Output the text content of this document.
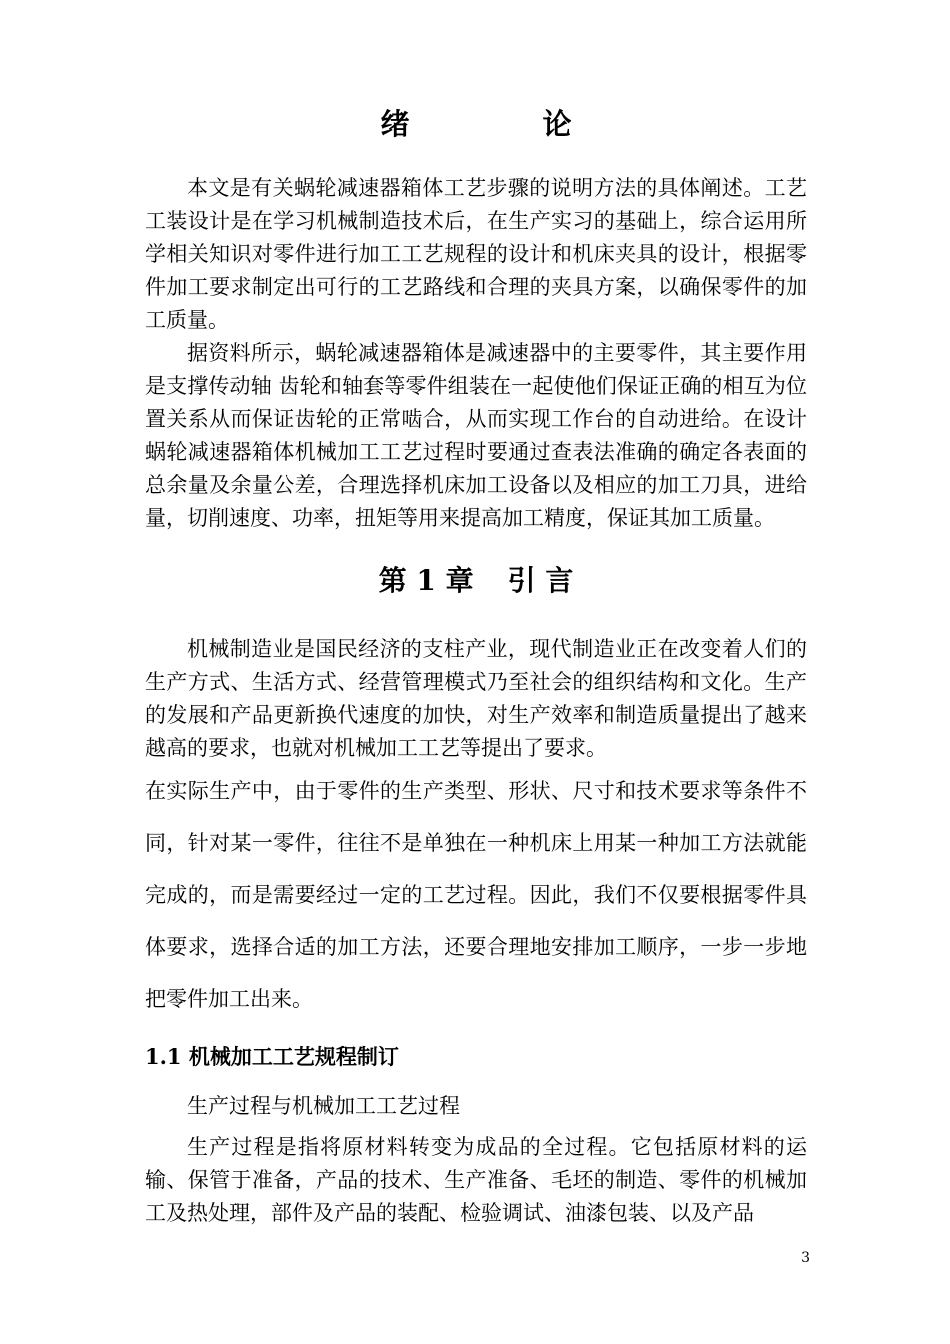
绪　论

本文是有关蜗轮减速器箱体工艺步骤的说明方法的具体阐述。工艺工装设计是在学习机械制造技术后，在生产实习的基础上，综合运用所学相关知识对零件进行加工工艺规程的设计和机床夹具的设计，根据零件加工要求制定出可行的工艺路线和合理的夹具方案，以确保零件的加工质量。

据资料所示，蜗轮减速器箱体是减速器中的主要零件，其主要作用是支撑传动轴 齿轮和轴套等零件组装在一起使他们保证正确的相互为位置关系从而保证齿轮的正常啮合，从而实现工作台的自动进给。在设计蜗轮减速器箱体机械加工工艺过程时要通过查表法准确的确定各表面的总余量及余量公差，合理选择机床加工设备以及相应的加工刀具，进给量，切削速度、功率，扭矩等用来提高加工精度，保证其加工质量。

第 1 章 引 言

机械制造业是国民经济的支柱产业，现代制造业正在改变着人们的生产方式、生活方式、经营管理模式乃至社会的组织结构和文化。生产的发展和产品更新换代速度的加快，对生产效率和制造质量提出了越来越高的要求，也就对机械加工工艺等提出了要求。

在实际生产中，由于零件的生产类型、形状、尺寸和技术要求等条件不同，针对某一零件，往往不是单独在一种机床上用某一种加工方法就能完成的，而是需要经过一定的工艺过程。因此，我们不仅要根据零件具体要求，选择合适的加工方法，还要合理地安排加工顺序，一步一步地把零件加工出来。

1.1 机械加工工艺规程制订

生产过程与机械加工工艺过程

生产过程是指将原材料转变为成品的全过程。它包括原材料的运输、保管于准备，产品的技术、生产准备、毛坯的制造、零件的机械加工及热处理，部件及产品的装配、检验调试、油漆包装、以及产品

3
